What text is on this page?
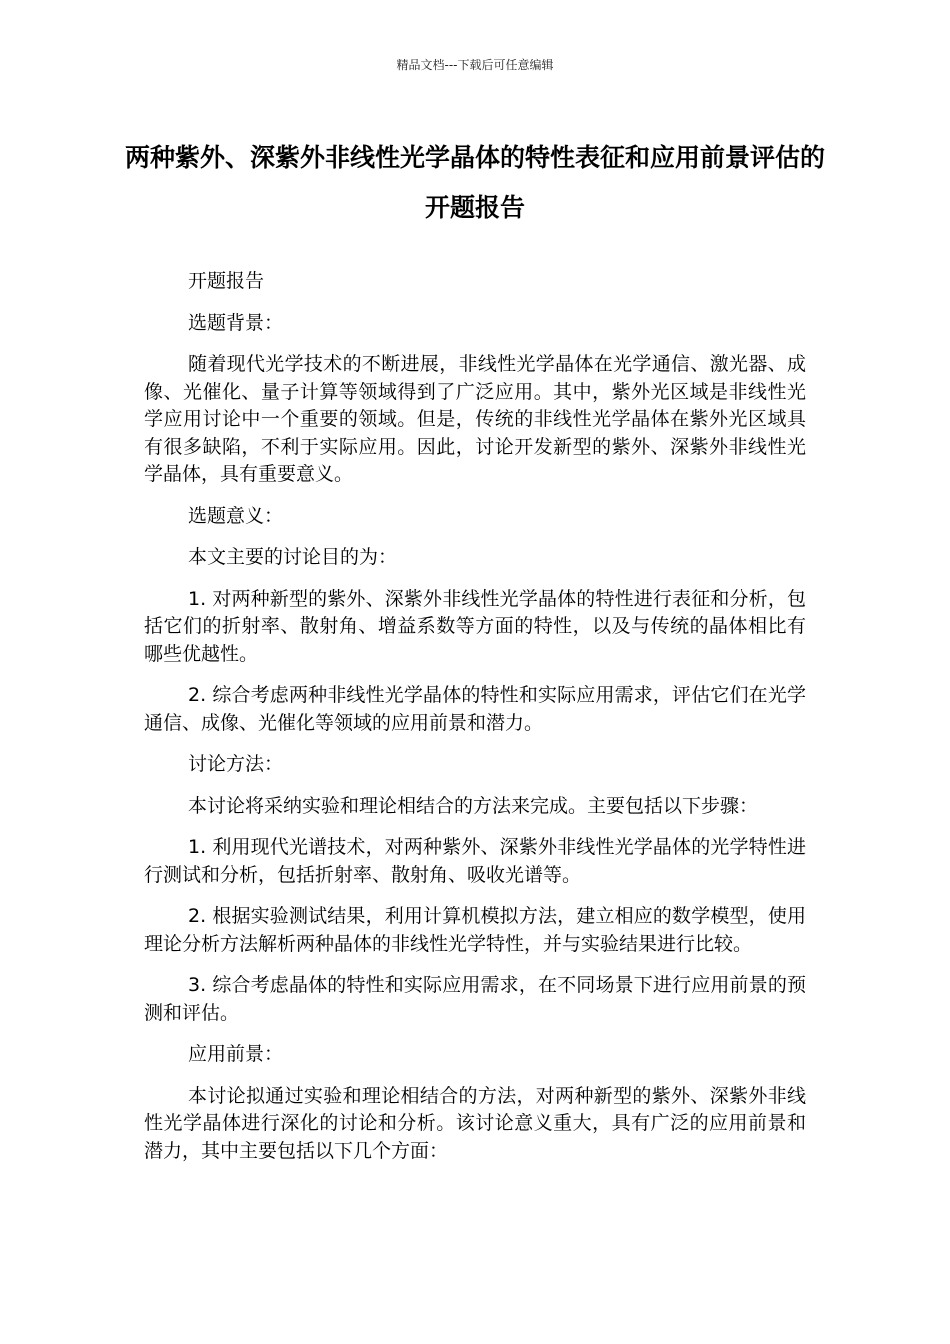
精品文档---下载后可任意编辑
两种紫外、深紫外非线性光学晶体的特性表征和应用前景评估的开题报告

开题报告

选题背景：

随着现代光学技术的不断进展，非线性光学晶体在光学通信、激光器、成像、光催化、量子计算等领域得到了广泛应用。其中，紫外光区域是非线性光学应用讨论中一个重要的领域。但是，传统的非线性光学晶体在紫外光区域具有很多缺陷，不利于实际应用。因此，讨论开发新型的紫外、深紫外非线性光学晶体，具有重要意义。

选题意义：

本文主要的讨论目的为：

1. 对两种新型的紫外、深紫外非线性光学晶体的特性进行表征和分析，包括它们的折射率、散射角、增益系数等方面的特性，以及与传统的晶体相比有哪些优越性。

2. 综合考虑两种非线性光学晶体的特性和实际应用需求，评估它们在光学通信、成像、光催化等领域的应用前景和潜力。

讨论方法：

本讨论将采纳实验和理论相结合的方法来完成。主要包括以下步骤：

1. 利用现代光谱技术，对两种紫外、深紫外非线性光学晶体的光学特性进行测试和分析，包括折射率、散射角、吸收光谱等。

2. 根据实验测试结果，利用计算机模拟方法，建立相应的数学模型，使用理论分析方法解析两种晶体的非线性光学特性，并与实验结果进行比较。

3. 综合考虑晶体的特性和实际应用需求，在不同场景下进行应用前景的预测和评估。

应用前景：

本讨论拟通过实验和理论相结合的方法，对两种新型的紫外、深紫外非线性光学晶体进行深化的讨论和分析。该讨论意义重大，具有广泛的应用前景和潜力，其中主要包括以下几个方面：
